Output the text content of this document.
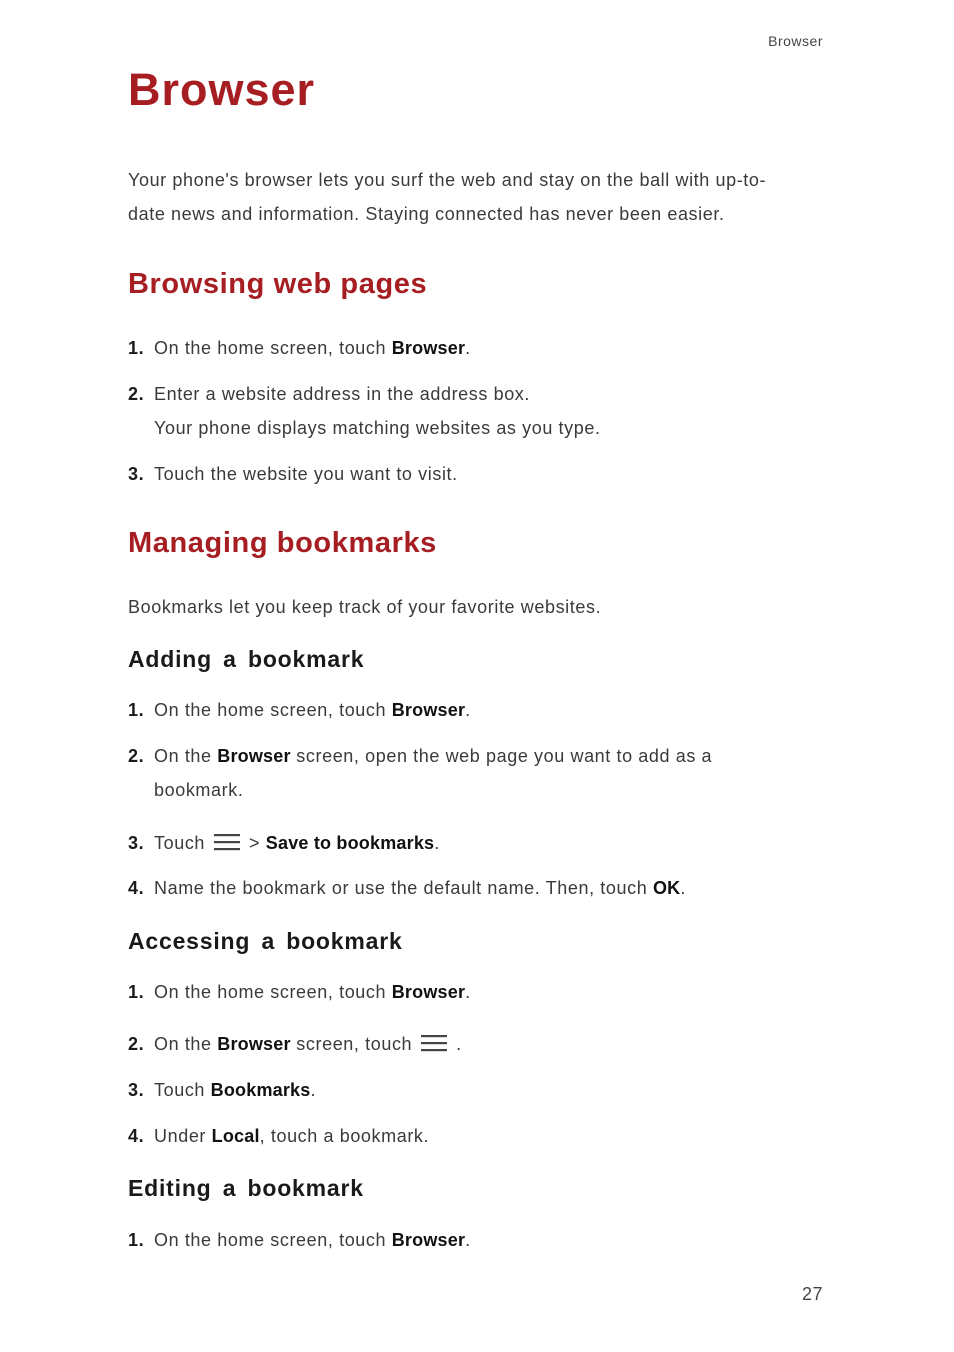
Browser
Browser

Your phone's browser lets you surf the web and stay on the ball with up-to-
date news and information. Staying connected has never been easier.

Browsing web pages
1. On the home screen, touch Browser.
2. Enter a website address in the address box.
Your phone displays matching websites as you type.
3. Touch the website you want to visit.
Managing bookmarks

Bookmarks let you keep track of your favorite websites.

Adding a bookmark
1. On the home screen, touch Browser.
2. On the Browser screen, open the web page you want to add as a
bookmark.
3. Touch > Save to bookmarks.
4. Name the bookmark or use the default name. Then, touch OK.
Accessing a bookmark
1. On the home screen, touch Browser.
2. On the Browser screen, touch .
3. Touch Bookmarks.
4. Under Local, touch a bookmark.
Editing a bookmark
1. On the home screen, touch Browser.
27
